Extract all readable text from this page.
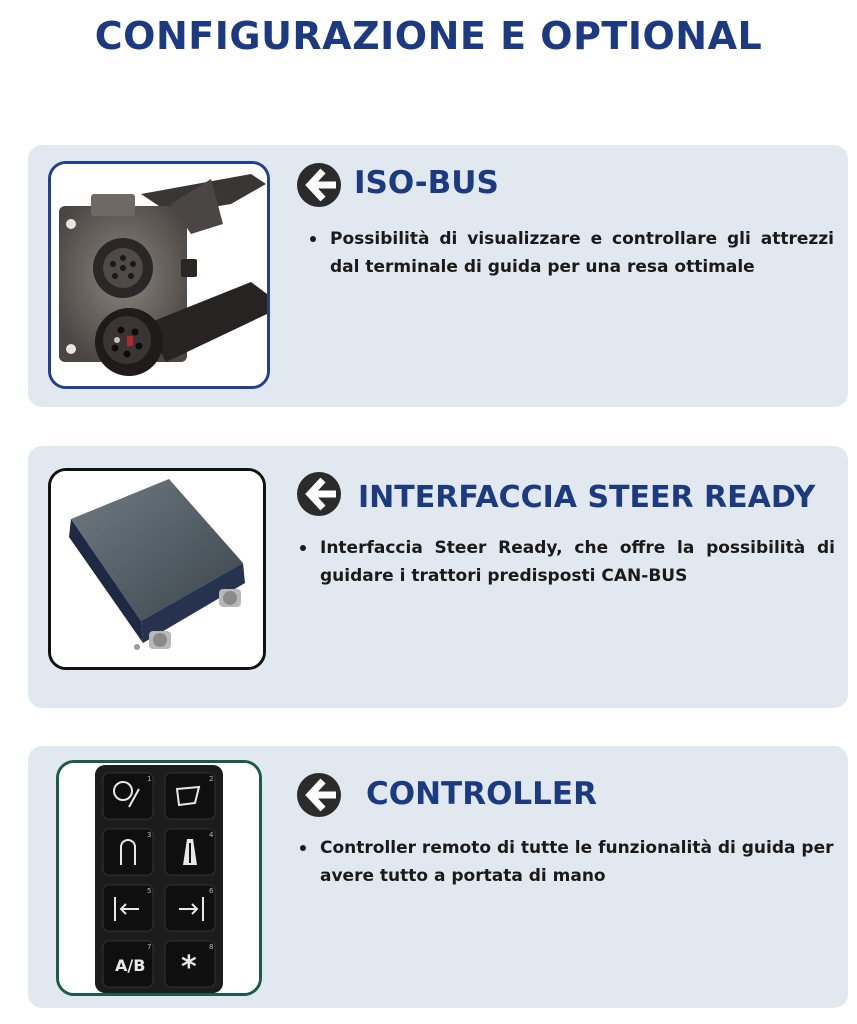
CONFIGURAZIONE E OPTIONAL
ISO-BUS
Possibilità di visualizzare e controllare gli attrezzi dal terminale di guida per una resa ottimale
INTERFACCIA STEER READY
Interfaccia Steer Ready, che offre la possibilità di guidare i trattori predisposti CAN-BUS
1	2
3	4
5	6
7	8
A/B *
CONTROLLER
Controller remoto di tutte le funzionalità di guida per avere tutto a portata di mano
